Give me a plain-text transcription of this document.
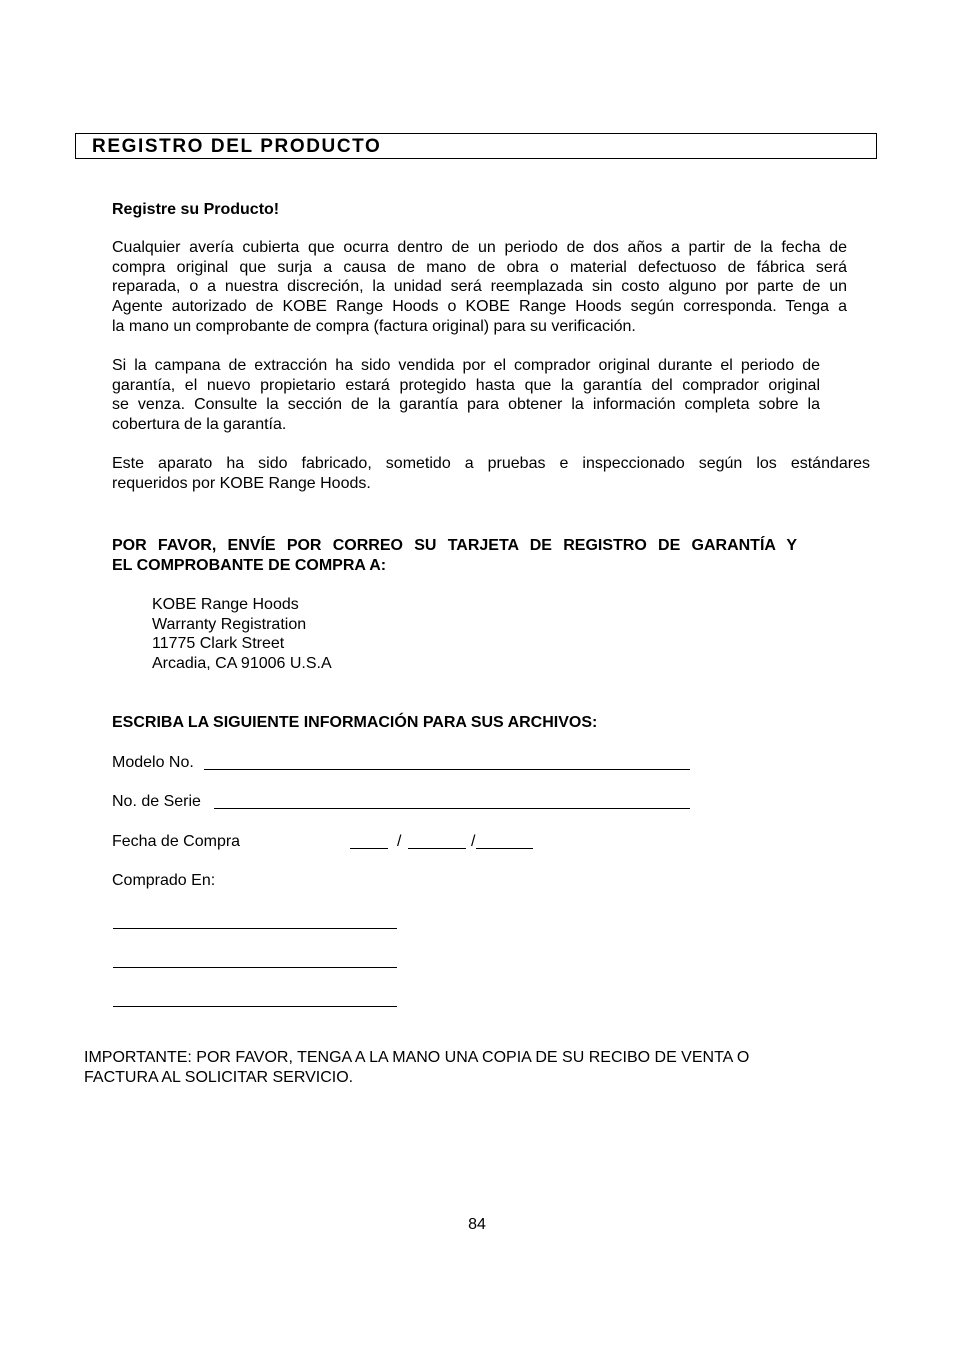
REGISTRO DEL PRODUCTO
Registre su Producto!
Cualquier avería cubierta que ocurra dentro de un periodo de dos años a partir de la fecha de
compra original que surja a causa de mano de obra o material defectuoso de fábrica será
reparada, o a nuestra discreción, la unidad será reemplazada sin costo alguno por parte de un
Agente autorizado de KOBE Range Hoods o KOBE Range Hoods según corresponda. Tenga a
la mano un comprobante de compra (factura original) para su verificación.
Si la campana de extracción ha sido vendida por el comprador original durante el periodo de
garantía, el nuevo propietario estará protegido hasta que la garantía del comprador original
se venza. Consulte la sección de la garantía para obtener la información completa sobre la
cobertura de la garantía.
Este aparato ha sido fabricado, sometido a pruebas e inspeccionado según los estándares
requeridos por KOBE Range Hoods.
POR FAVOR, ENVÍE POR CORREO SU TARJETA DE REGISTRO DE GARANTÍA Y
EL COMPROBANTE DE COMPRA A:
KOBE Range Hoods
Warranty Registration
11775 Clark Street
Arcadia, CA 91006 U.S.A
ESCRIBA LA SIGUIENTE INFORMACIÓN PARA SUS ARCHIVOS:
Modelo No.
No. de Serie
Fecha de Compra	/	/
Comprado En:
IMPORTANTE: POR FAVOR, TENGA A LA MANO UNA COPIA DE SU RECIBO DE VENTA O
FACTURA AL SOLICITAR SERVICIO.
84
